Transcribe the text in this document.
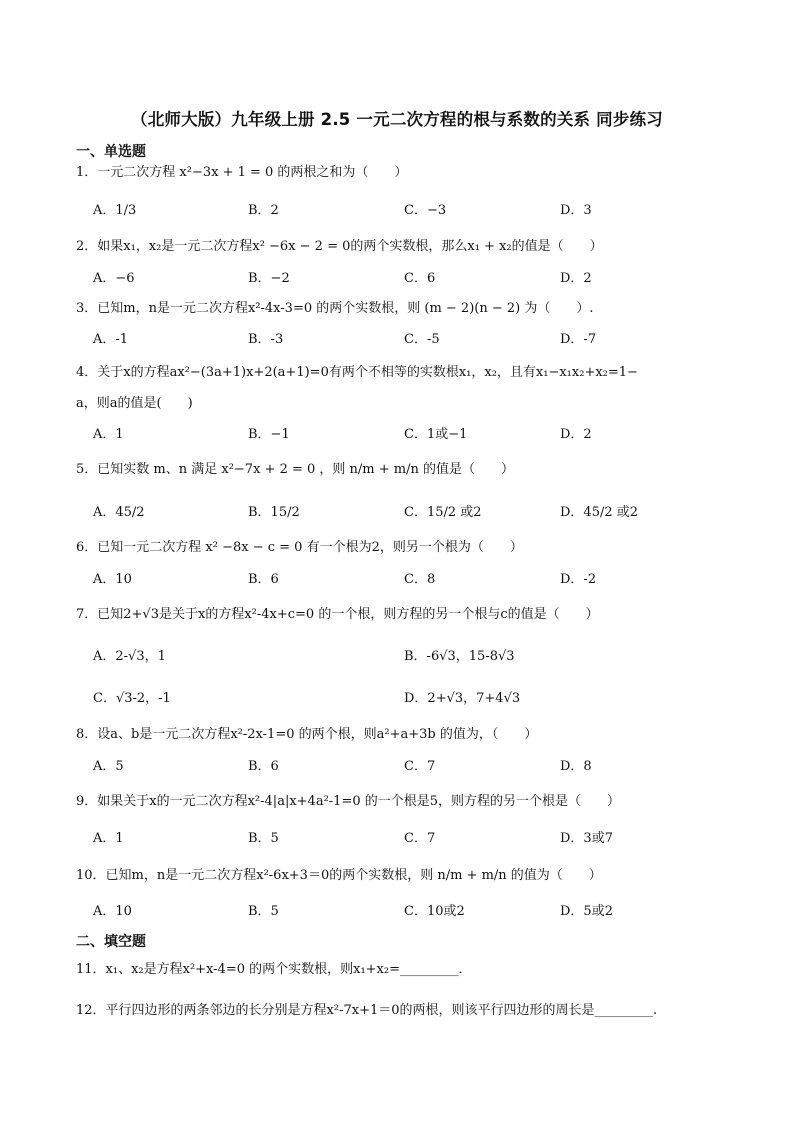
（北师大版）九年级上册 2.5 一元二次方程的根与系数的关系 同步练习
一、单选题
1．一元二次方程 x²−3x + 1 = 0 的两根之和为（　　）
A．1/3	B．2	C．−3	D．3
2．如果x₁，x₂是一元二次方程x² −6x − 2 = 0的两个实数根，那么x₁ + x₂的值是（　　）
A．−6	B．−2	C．6	D．2
3．已知m，n是一元二次方程x²-4x-3=0 的两个实数根，则 (m − 2)(n − 2) 为（　　）.
A．-1	B．-3	C．-5	D．-7
4．关于x的方程ax²−(3a+1)x+2(a+1)=0有两个不相等的实数根x₁，x₂，且有x₁−x₁x₂+x₂=1−
a，则a的值是(　　)
A．1	B．−1	C．1或−1	D．2
5．已知实数 m、n 满足 x²−7x + 2 = 0 ，则 n/m + m/n 的值是（　　）
A．45/2	B．15/2	C．15/2 或2	D．45/2 或2
6．已知一元二次方程 x² −8x − c = 0 有一个根为2，则另一个根为（　　）
A．10	B．6	C．8	D．-2
7．已知2+√3是关于x的方程x²-4x+c=0 的一个根，则方程的另一个根与c的值是（　　）
A．2-√3，1	B．-6√3，15-8√3
C．√3-2，-1	D．2+√3，7+4√3
8．设a、b是一元二次方程x²-2x-1=0 的两个根，则a²+a+3b 的值为，（　　）
A．5	B．6	C．7	D．8
9．如果关于x的一元二次方程x²-4|a|x+4a²-1=0 的一个根是5，则方程的另一个根是（　　）
A．1	B．5	C．7	D．3或7
10．已知m，n是一元二次方程x²-6x+3＝0的两个实数根，则 n/m + m/n 的值为（　　）
A．10	B．5	C．10或2	D．5或2
二、填空题
11．x₁、x₂是方程x²+x-4=0 的两个实数根，则x₁+x₂=_________．
12．平行四边形的两条邻边的长分别是方程x²-7x+1＝0的两根，则该平行四边形的周长是_________.
